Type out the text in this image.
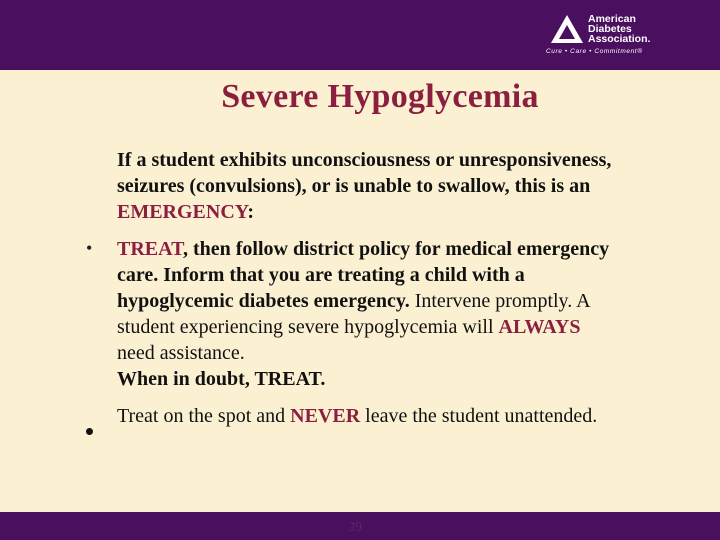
American
Diabetes
Association.
Cure • Care • Commitment®
Severe Hypoglycemia

If a student exhibits unconsciousness or unresponsiveness, seizures (convulsions), or is unable to swallow, this is an EMERGENCY:

• TREAT, then follow district policy for medical emergency care. Inform that you are treating a child with a hypoglycemic diabetes emergency. Intervene promptly. A student experiencing severe hypoglycemia will ALWAYS need assistance.
When in doubt, TREAT.

Treat on the spot and NEVER leave the student unattended.

39
